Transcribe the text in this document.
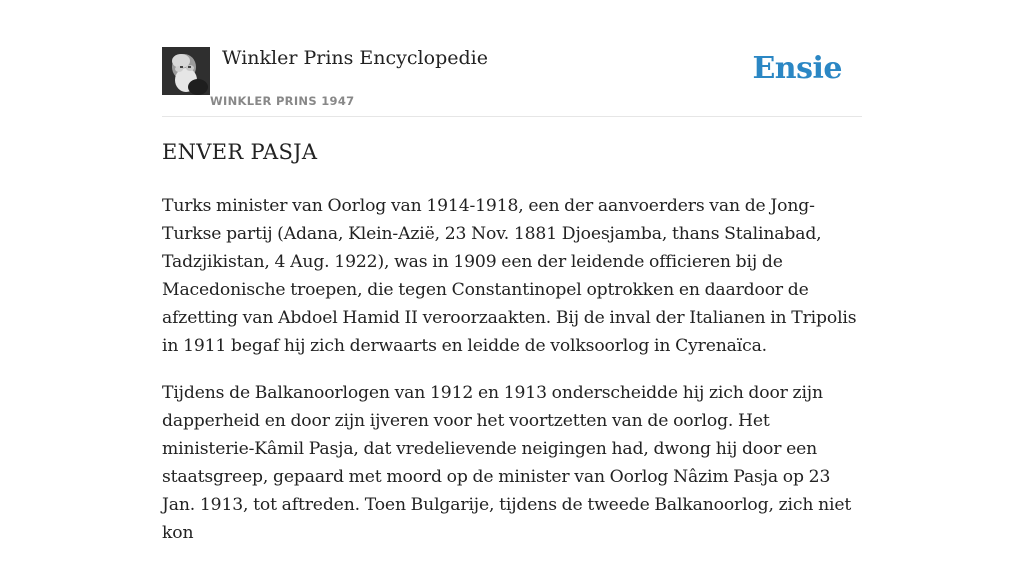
Winkler Prins Encyclopedie
WINKLER PRINS 1947
Ensie
ENVER PASJA

Turks minister van Oorlog van 1914-1918, een der aanvoerders van de Jong-Turkse partij (Adana, Klein-Azië, 23 Nov. 1881 Djoesjamba, thans Stalinabad, Tadzjikistan, 4 Aug. 1922), was in 1909 een der leidende officieren bij de Macedonische troepen, die tegen Constantinopel optrokken en daardoor de afzetting van Abdoel Hamid II veroorzaakten. Bij de inval der Italianen in Tripolis in 1911 begaf hij zich derwaarts en leidde de volksoorlog in Cyrenaïca.

Tijdens de Balkanoorlogen van 1912 en 1913 onderscheidde hij zich door zijn dapperheid en door zijn ijveren voor het voortzetten van de oorlog. Het ministerie-Kâmil Pasja, dat vredelievende neigingen had, dwong hij door een staatsgreep, gepaard met moord op de minister van Oorlog Nâzim Pasja op 23 Jan. 1913, tot aftreden. Toen Bulgarije, tijdens de tweede Balkanoorlog, zich niet kon
